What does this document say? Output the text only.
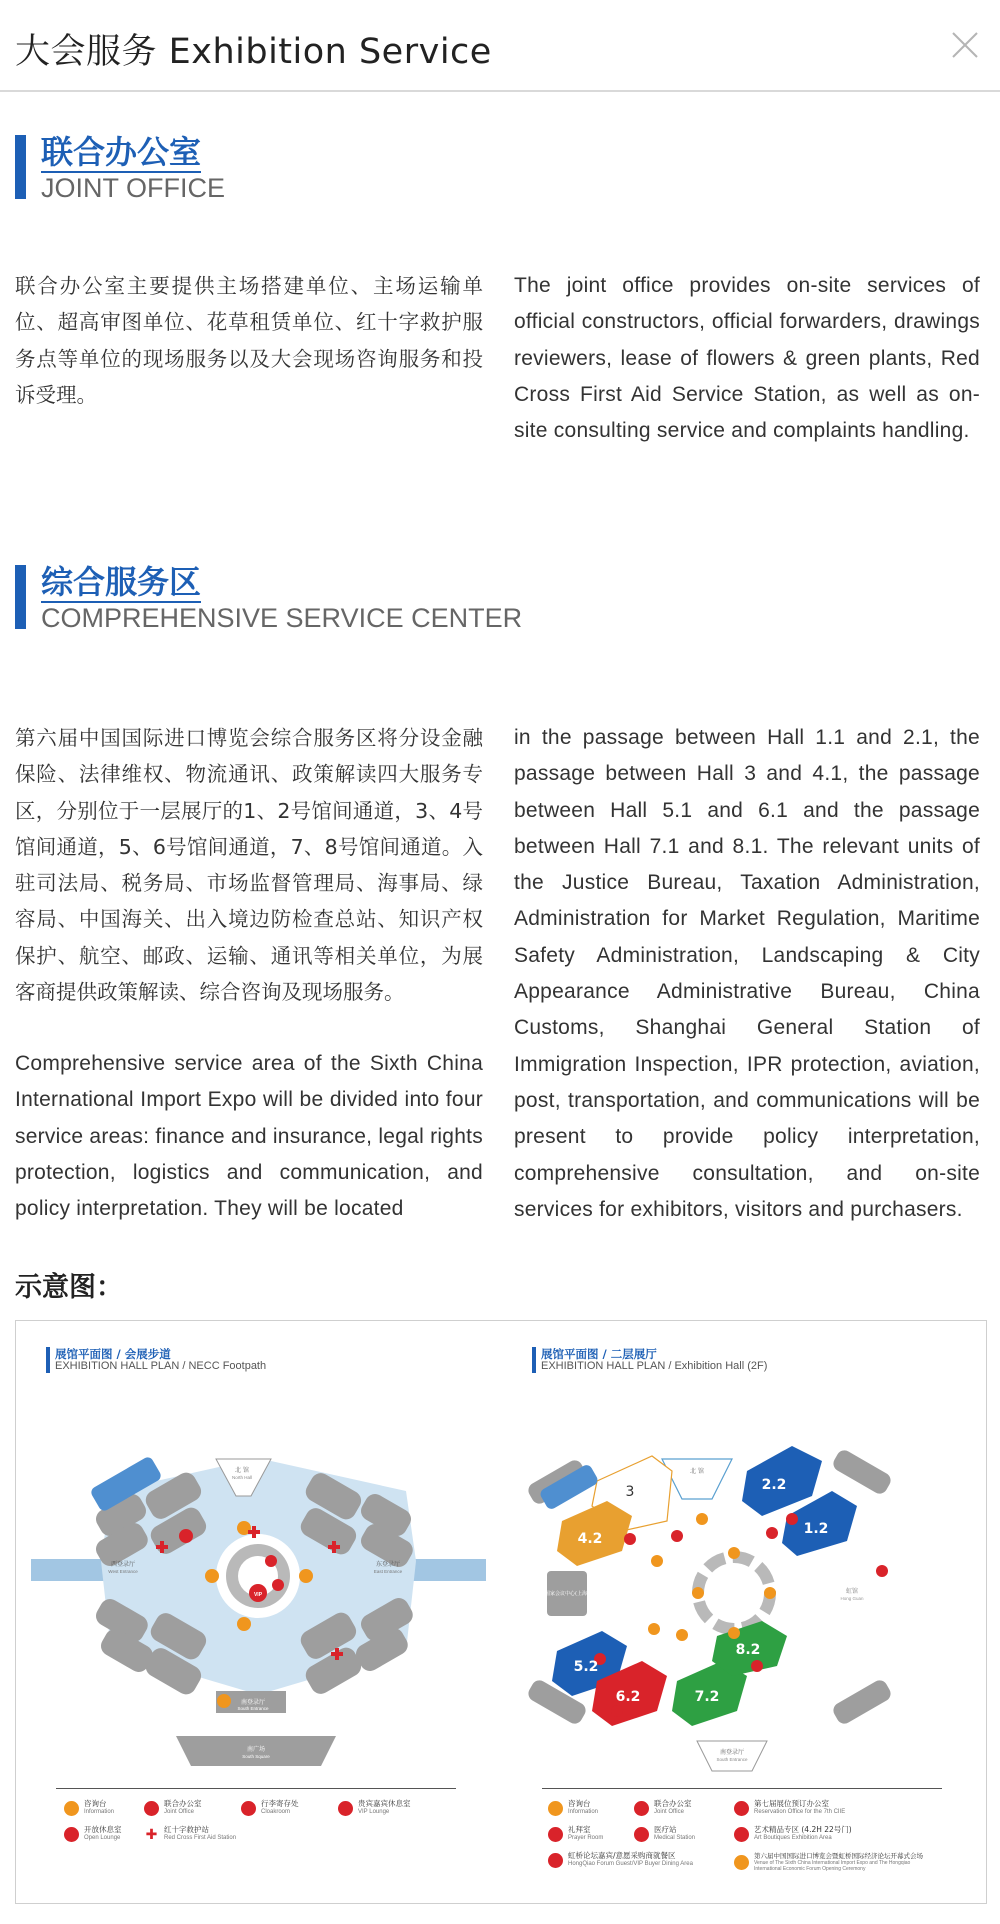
大会服务 Exhibition Service
联合办公室
JOINT OFFICE
联合办公室主要提供主场搭建单位、主场运输单位、超高审图单位、花草租赁单位、红十字救护服务点等单位的现场服务以及大会现场咨询服务和投诉受理。
The joint office provides on-site services of official constructors, official forwarders, drawings reviewers, lease of flowers & green plants, Red Cross First Aid Service Station, as well as on-site consulting service and complaints handling.
综合服务区
COMPREHENSIVE SERVICE CENTER
第六届中国国际进口博览会综合服务区将分设金融保险、法律维权、物流通讯、政策解读四大服务专区，分别位于一层展厅的1、2号馆间通道，3、4号馆间通道，5、6号馆间通道，7、8号馆间通道。入驻司法局、税务局、市场监督管理局、海事局、绿容局、中国海关、出入境边防检查总站、知识产权保护、航空、邮政、运输、通讯等相关单位，为展客商提供政策解读、综合咨询及现场服务。
Comprehensive service area of the Sixth China International Import Expo will be divided into four service areas: finance and insurance, legal rights protection, logistics and communication, and policy interpretation. They will be located
in the passage between Hall 1.1 and 2.1, the passage between Hall 3 and 4.1, the passage between Hall 5.1 and 6.1 and the passage between Hall 7.1 and 8.1. The relevant units of the Justice Bureau, Taxation Administration, Administration for Market Regulation, Maritime Safety Administration, Landscaping & City Appearance Administrative Bureau, China Customs, Shanghai General Station of Immigration Inspection, IPR protection, aviation, post, transportation, and communications will be present to provide policy interpretation, comprehensive consultation, and on-site services for exhibitors, visitors and purchasers.
示意图：
展馆平面图 / 会展步道
EXHIBITION HALL PLAN / NECC Footpath
北 馆
North Hall
南登录厅
South Entrance
西登录厅
West Entrance
东登录厅
East Entrance
南广场
South Square
VIP
咨询台
Information
联合办公室
Joint Office
行李寄存处
Cloakroom
贵宾嘉宾休息室
VIP Lounge
开放休息室
Open Lounge ✚ 红十字救护站
Red Cross First Aid Station
展馆平面图 / 二层展厅
EXHIBITION HALL PLAN / Exhibition Hall (2F)
2.2
1.2
3
4.2
5.2
6.2	7.2
8.2
北 馆
虹馆
Hong Guan
南登录厅
South Entrance
国家会议中心(上海)
咨询台
Information
联合办公室
Joint Office
第七届展位预订办公室
Reservation Office for the 7th CIIE
礼拜室
Prayer Room
医疗站
Medical Station
艺术精品专区 (4.2H 22号门)
Art Boutiques Exhibition Area
虹桥论坛嘉宾/意愿采购商就餐区
HongQiao Forum Guest/VIP Buyer Dining Area
第六届中国国际进口博览会暨虹桥国际经济论坛开幕式会场
Venue of The Sixth China International Import Expo and The Hongqiao International Economic Forum Opening Ceremony
